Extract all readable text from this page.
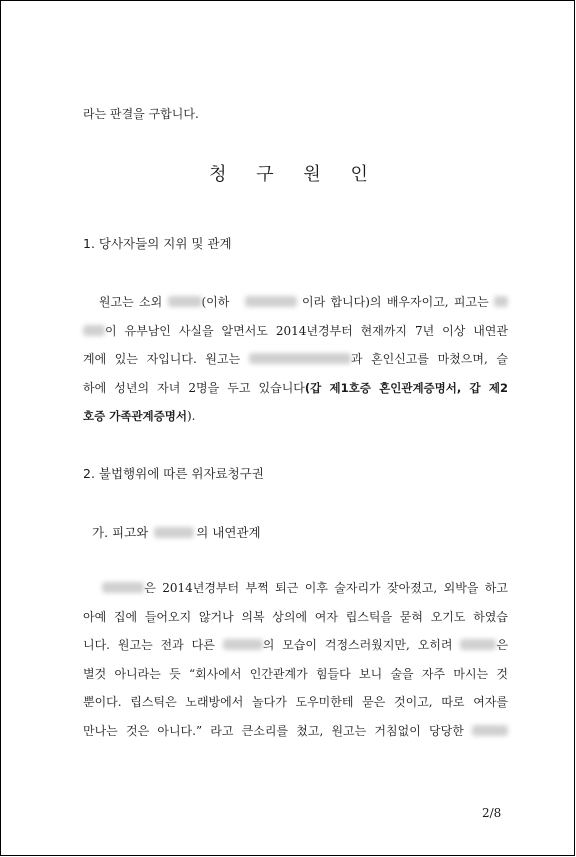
라는 판결을 구합니다.
청 구 원 인
1. 당사자들의 지위 및 관계
원고는 소외	(이하	이라 합니다)의 배우자이고, 피고는
이 유부남인 사실을 알면서도 2014년경부터 현재까지 7년 이상 내연관
계에 있는 자입니다. 원고는	과 혼인신고를 마쳤으며, 슬
하에 성년의 자녀 2명을 두고 있습니다(갑 제1호증 혼인관계증명서, 갑 제2
호증 가족관계증명서).
2. 불법행위에 따른 위자료청구권
가. 피고와	의 내연관계
은 2014년경부터 부쩍 퇴근 이후 술자리가 잦아졌고, 외박을 하고
아예 집에 들어오지 않거나 의복 상의에 여자 립스틱을 묻혀 오기도 하였습
니다. 원고는 전과 다른	의 모습이 걱정스러웠지만, 오히려	은
별것 아니라는 듯 “회사에서 인간관계가 힘들다 보니 술을 자주 마시는 것
뿐이다. 립스틱은 노래방에서 놀다가 도우미한테 묻은 것이고, 따로 여자를
만나는 것은 아니다.” 라고 큰소리를 쳤고, 원고는 거침없이 당당한
2/8
